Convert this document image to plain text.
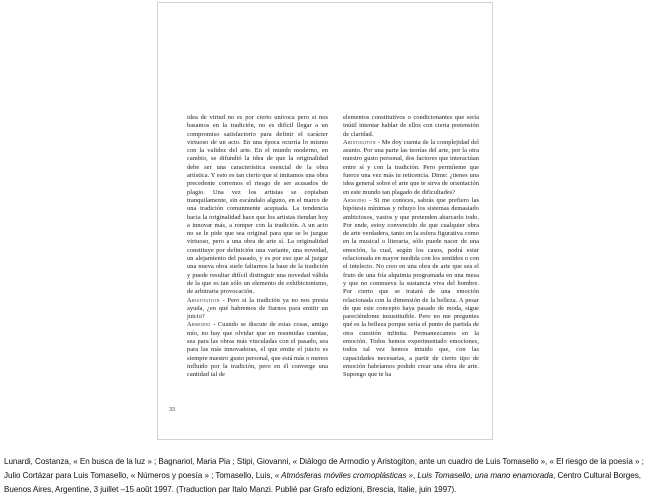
idea de virtud no es por cierto unívoca pero si nos basamos en la tradición, no es difícil llegar a un compromiso satisfactorio para definir el carácter virtuoso de un acto. En una época ocurría lo mismo con la validez del arte. En el mundo moderno, en cambio, se difundió la idea de que la originalidad debe ser una característica esencial de la obra artística. Y esto es tan cierto que si imitamos una obra precedente corremos el riesgo de ser acusados de plagio. Una vez los artistas se copiaban tranquilamente, sin escándalo alguno, en el marco de una tradición comunmente aceptada. La tendencia hacia la originalidad hace que los artistas tiendan hoy a innovar más, a romper con la tradición. A un acto no se le pide que sea original para que se lo juzgue virtuoso, pero a una obra de arte sí. La originalidad constituye por definición una variante, una novedad, un alejamiento del pasado, y es por eso que al juzgar una nueva obra suele faltarnos la base de la tradición y puede resultar difícil distinguir una novedad válida de la que es tan sólo un elemento de exhibicionismo, de arbitraria provocación.

Aristogiton - Pero si la tradición ya no nos presta ayuda, ¿en qué habremos de fiarnos para emitir un juicio?

Armodio - Cuando se discute de estas cosas, amigo mío, no hay que olvidar que en resumidas cuentas, sea para las obras más vinculadas con el pasado, sea para las más innovadoras, el que emite el juicio es siempre nuestro gusto personal, que está más o menos influido por la tradición, pero en él converge una cantidad tal de

elementos constitutivos o condicionantes que sería inútil intentar hablar de ellos con cierta pretensión de claridad.

Aristogiton - Me doy cuenta de la complejidad del asunto. Por una parte las teorías del arte, por la otra nuestro gusto personal, dos factores que interactúan entre sí y con la tradición. Pero permíteme que fuerce una vez más tu reticencia. Dime: ¿tienes una idea general sobre el arte que te sirva de orientación en este mundo tan plagado de dificultades?

Armodio - Si me conoces, sabrás que prefiero las hipótesis mínimas y rehuyo los sistemas demasiado ambiciosos, vastos y que pretenden abarcarlo todo. Por ende, estoy convencido de que cualquier obra de arte verdadera, tanto en la esfera figurativa como en la musical o literaria, sólo puede nacer de una emoción, la cual, según los casos, podrá estar relacionada en mayor medida con los sentidos o con el intelecto. No creo en una obra de arte que sea el fruto de una fría alquimia programada en una mesa y que no conmueva la sustancia viva del hombre. Por cierto que se tratará de una emoción relacionada con la dimensión de la belleza. A pesar de que este concepto haya pasado de moda, sigue pareciéndome insustituible. Pero no me preguntes qué es la belleza porque sería el punto de partida de otra cuestión infinita. Permanezcamos en la emoción. Todos hemos experimentado emociones, todos tal vez hemos intuido que, con las capacidades necesarias, a partir de cierto tipo de emoción habríamos podido crear una obra de arte. Supongo que te ha

33
Lunardi, Costanza, « En busca de la luz » ; Bagnariol, Maria Pia ; Stipi, Giovanni, « Diálogo de Armodio y Aristogiton, ante un cuadro de Luis Tomasello », « El riesgo de la poesía » ; Julio Cortázar para Luis Tomasello, « Números y poesía » ; Tomasello, Luis, « Atmósferas móviles cromoplásticas », Luis Tomasello, una mano enamorada, Centro Cultural Borges, Buenos Aires, Argentine, 3 juillet –15 août 1997. (Traduction par Italo Manzi. Publié par Grafo edizioni, Brescia, Italie, juin 1997).
